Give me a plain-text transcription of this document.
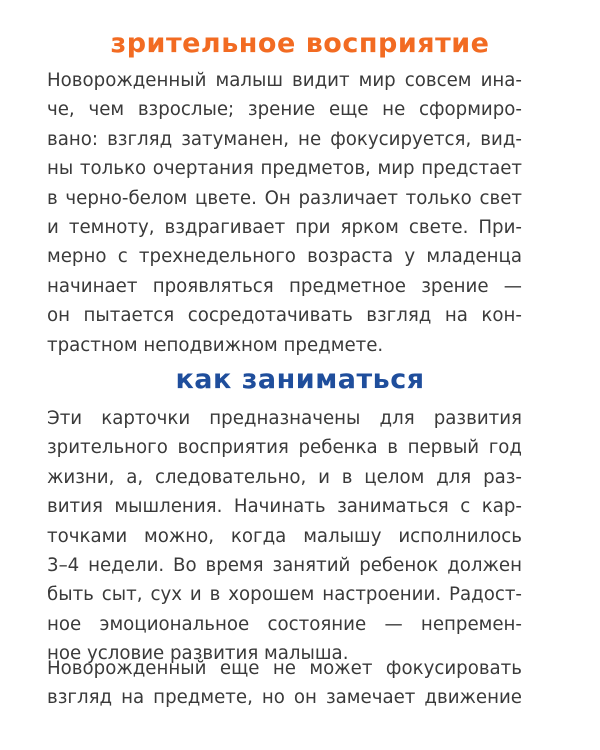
зрительное восприятие
Новорожденный малыш видит мир совсем ина-
че, чем взрослые; зрение еще не сформиро-
вано: взгляд затуманен, не фокусируется, вид-
ны только очертания предметов, мир предстает
в черно-белом цвете. Он различает только свет
и темноту, вздрагивает при ярком свете. При-
мерно с трехнедельного возраста у младенца
начинает проявляться предметное зрение —
он пытается сосредотачивать взгляд на кон-
трастном неподвижном предмете.
как заниматься
Эти карточки предназначены для развития
зрительного восприятия ребенка в первый год
жизни, а, следовательно, и в целом для раз-
вития мышления. Начинать заниматься с кар-
точками можно, когда малышу исполнилось
3–4 недели. Во время занятий ребенок должен
быть сыт, сух и в хорошем настроении. Радост-
ное эмоциональное состояние — непремен-
ное условие развития малыша.
Новорожденный еще не может фокусировать
взгляд на предмете, но он замечает движение
